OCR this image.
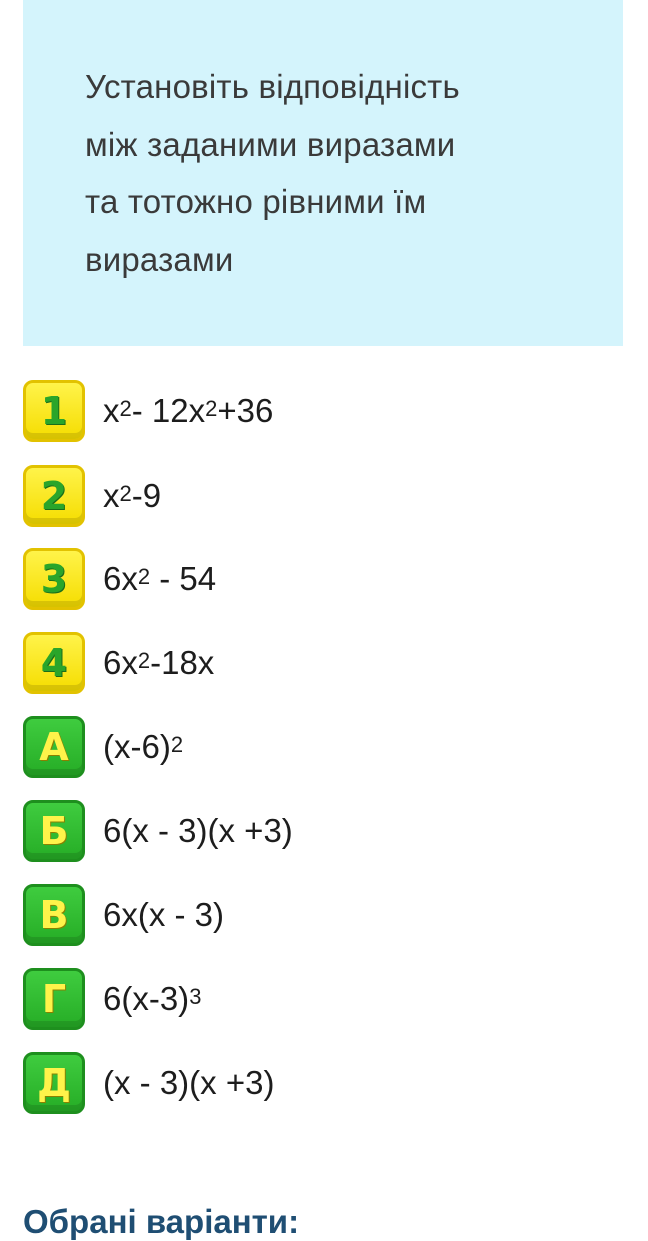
Установіть відповідність
між заданими виразами
та тотожно рівними їм
виразами
1	$x^2 - 12x^2 +36$
2	$x^2$ -9
3	$6x^2 - 54$
4	$6x^2$ -18x
А	$(x-6)^2$
Б	6(x - 3)(x +3)
В	6x(x - 3)
Г	$6(x-3)^3$
Д (x - 3)(x +3)
Обрані варіанти:
